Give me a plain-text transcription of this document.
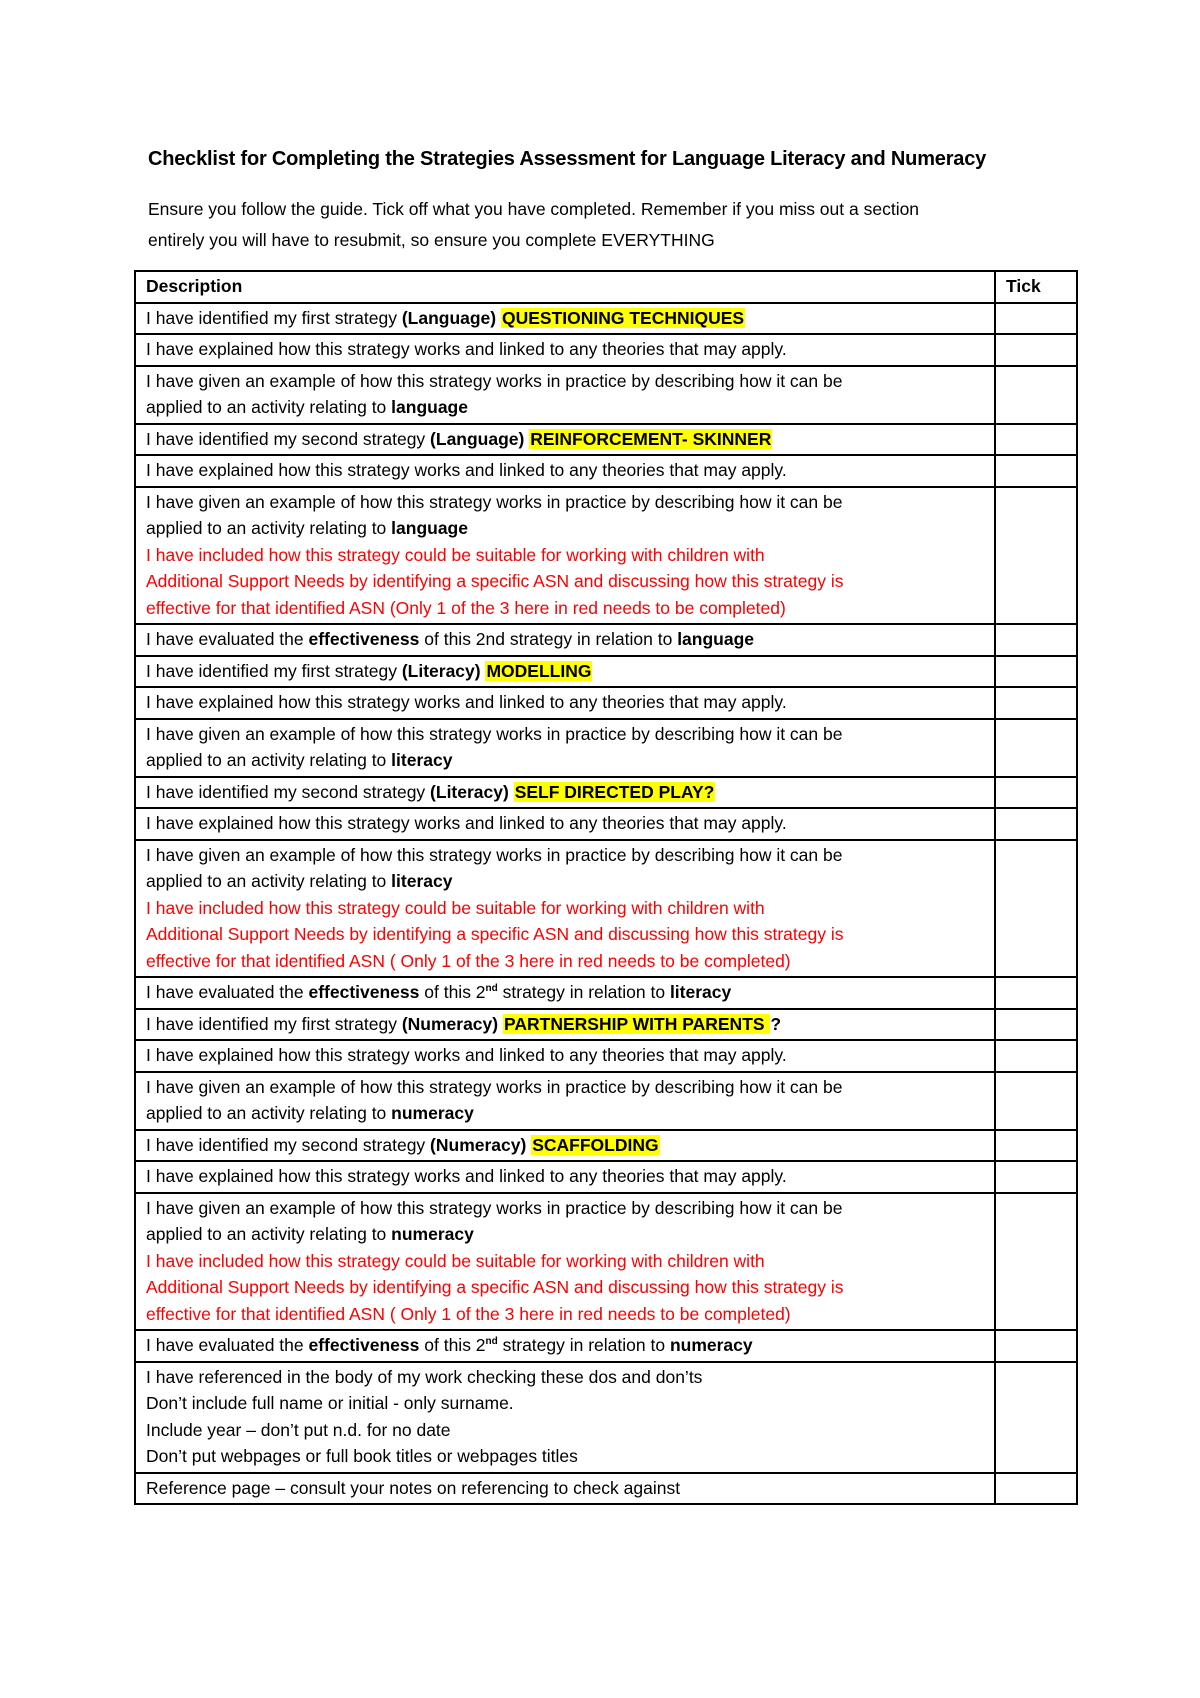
Checklist for Completing the Strategies Assessment for Language Literacy and Numeracy
Ensure you follow the guide. Tick off what you have completed. Remember if you miss out a section
entirely you will have to resubmit, so ensure you complete EVERYTHING
Description	Tick

I have identified my first strategy (Language) QUESTIONING TECHNIQUES	

I have explained how this strategy works and linked to any theories that may apply.	

I have given an example of how this strategy works in practice by describing how it can be
applied to an activity relating to language	

I have identified my second strategy (Language) REINFORCEMENT- SKINNER	

I have explained how this strategy works and linked to any theories that may apply.	

I have given an example of how this strategy works in practice by describing how it can be
applied to an activity relating to language
I have included how this strategy could be suitable for working with children with
Additional Support Needs by identifying a specific ASN and discussing how this strategy is
effective for that identified ASN (Only 1 of the 3 here in red needs to be completed)	

I have evaluated the effectiveness of this 2nd strategy in relation to language	

I have identified my first strategy (Literacy) MODELLING	

I have explained how this strategy works and linked to any theories that may apply.	

I have given an example of how this strategy works in practice by describing how it can be
applied to an activity relating to literacy	

I have identified my second strategy (Literacy) SELF DIRECTED PLAY?	

I have explained how this strategy works and linked to any theories that may apply.	

I have given an example of how this strategy works in practice by describing how it can be
applied to an activity relating to literacy
I have included how this strategy could be suitable for working with children with
Additional Support Needs by identifying a specific ASN and discussing how this strategy is
effective for that identified ASN ( Only 1 of the 3 here in red needs to be completed)	

I have evaluated the effectiveness of this 2nd strategy in relation to literacy	

I have identified my first strategy (Numeracy) PARTNERSHIP WITH PARENTS ?	

I have explained how this strategy works and linked to any theories that may apply.	

I have given an example of how this strategy works in practice by describing how it can be
applied to an activity relating to numeracy	

I have identified my second strategy (Numeracy) SCAFFOLDING	

I have explained how this strategy works and linked to any theories that may apply.	

I have given an example of how this strategy works in practice by describing how it can be
applied to an activity relating to numeracy
I have included how this strategy could be suitable for working with children with
Additional Support Needs by identifying a specific ASN and discussing how this strategy is
effective for that identified ASN ( Only 1 of the 3 here in red needs to be completed)	

I have evaluated the effectiveness of this 2nd strategy in relation to numeracy	

I have referenced in the body of my work checking these dos and don’ts
Don’t include full name or initial - only surname.
Include year – don’t put n.d. for no date
Don’t put webpages or full book titles or webpages titles	

Reference page – consult your notes on referencing to check against	
